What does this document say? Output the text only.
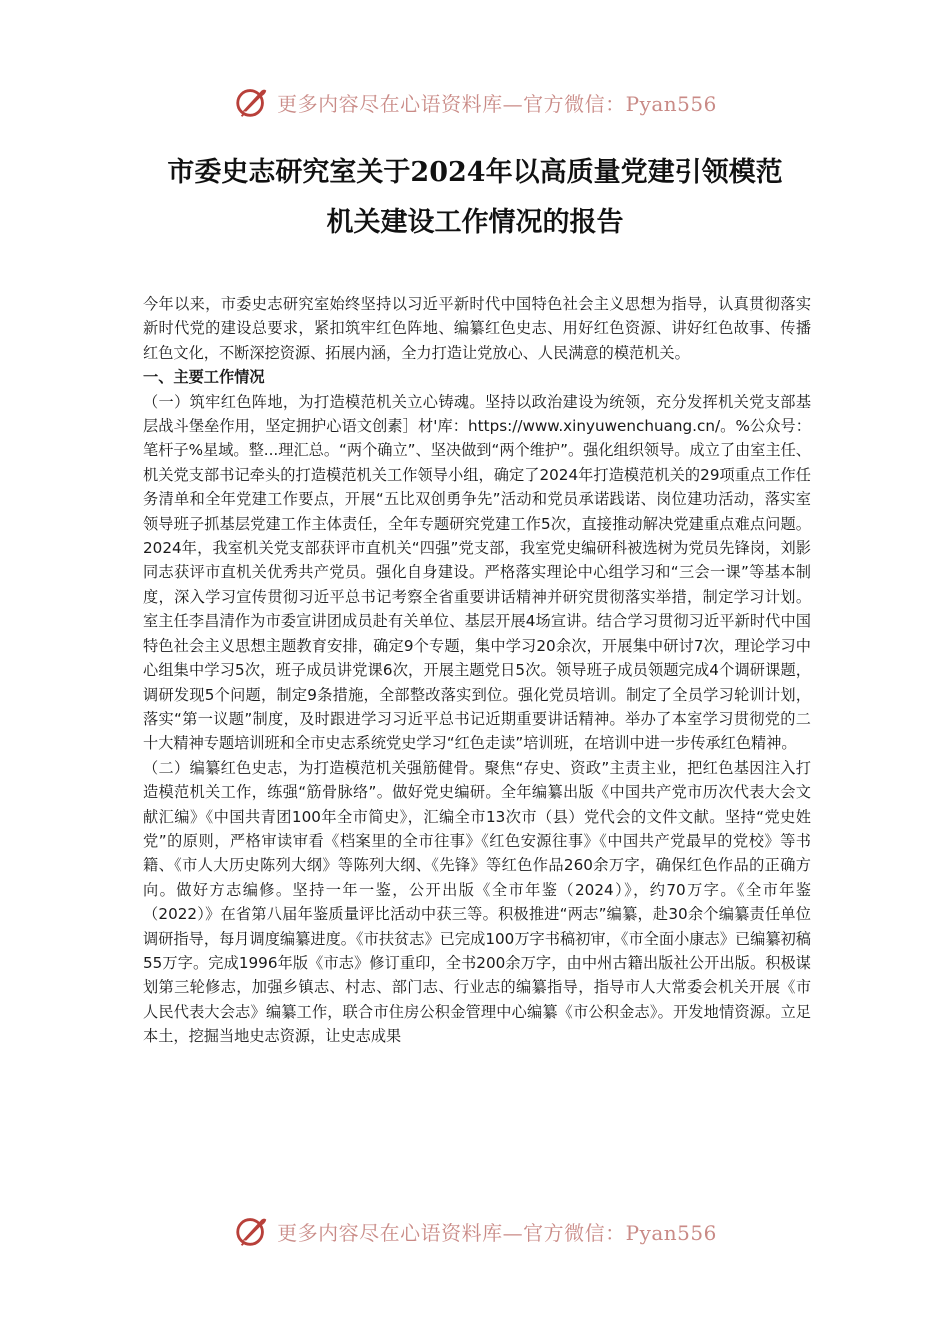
更多内容尽在心语资料库—官方微信：Pyan556
市委史志研究室关于2024年以高质量党建引领模范
机关建设工作情况的报告

今年以来，市委史志研究室始终坚持以习近平新时代中国特色社会主义思想为指导，认真贯彻落实新时代党的建设总要求，紧扣筑牢红色阵地、编纂红色史志、用好红色资源、讲好红色故事、传播红色文化，不断深挖资源、拓展内涵，全力打造让党放心、人民满意的模范机关。

一、主要工作情况

（一）筑牢红色阵地，为打造模范机关立心铸魂。坚持以政治建设为统领，充分发挥机关党支部基层战斗堡垒作用，坚定拥护心语文创素］材'库：https://www.xinyuwenchuang.cn/。%公众号：笔杆子%星域。整...理汇总。“两个确立”、坚决做到“两个维护”。强化组织领导。成立了由室主任、机关党支部书记牵头的打造模范机关工作领导小组，确定了2024年打造模范机关的29项重点工作任务清单和全年党建工作要点，开展“五比双创勇争先”活动和党员承诺践诺、岗位建功活动，落实室领导班子抓基层党建工作主体责任，全年专题研究党建工作5次，直接推动解决党建重点难点问题。2024年，我室机关党支部获评市直机关“四强”党支部，我室党史编研科被选树为党员先锋岗，刘影同志获评市直机关优秀共产党员。强化自身建设。严格落实理论中心组学习和“三会一课”等基本制度，深入学习宣传贯彻习近平总书记考察全省重要讲话精神并研究贯彻落实举措，制定学习计划。室主任李昌清作为市委宣讲团成员赴有关单位、基层开展4场宣讲。结合学习贯彻习近平新时代中国特色社会主义思想主题教育安排，确定9个专题，集中学习20余次，开展集中研讨7次，理论学习中心组集中学习5次，班子成员讲党课6次，开展主题党日5次。领导班子成员领题完成4个调研课题，调研发现5个问题，制定9条措施，全部整改落实到位。强化党员培训。制定了全员学习轮训计划，落实“第一议题”制度，及时跟进学习习近平总书记近期重要讲话精神。举办了本室学习贯彻党的二十大精神专题培训班和全市史志系统党史学习“红色走读”培训班，在培训中进一步传承红色精神。

（二）编纂红色史志，为打造模范机关强筋健骨。聚焦“存史、资政”主责主业，把红色基因注入打造模范机关工作，练强“筋骨脉络”。做好党史编研。全年编纂出版《中国共产党市历次代表大会文献汇编》《中国共青团100年全市简史》，汇编全市13次市（县）党代会的文件文献。坚持“党史姓党”的原则，严格审读审看《档案里的全市往事》《红色安源往事》《中国共产党最早的党校》等书籍、《市人大历史陈列大纲》等陈列大纲、《先锋》等红色作品260余万字，确保红色作品的正确方向。做好方志编修。坚持一年一鉴，公开出版《全市年鉴（2024）》，约70万字。《全市年鉴（2022）》在省第八届年鉴质量评比活动中获三等。积极推进“两志”编纂，赴30余个编纂责任单位调研指导，每月调度编纂进度。《市扶贫志》已完成100万字书稿初审，《市全面小康志》已编纂初稿55万字。完成1996年版《市志》修订重印，全书200余万字，由中州古籍出版社公开出版。积极谋划第三轮修志，加强乡镇志、村志、部门志、行业志的编纂指导，指导市人大常委会机关开展《市人民代表大会志》编纂工作，联合市住房公积金管理中心编纂《市公积金志》。开发地情资源。立足本土，挖掘当地史志资源，让史志成果

更多内容尽在心语资料库—官方微信：Pyan556
